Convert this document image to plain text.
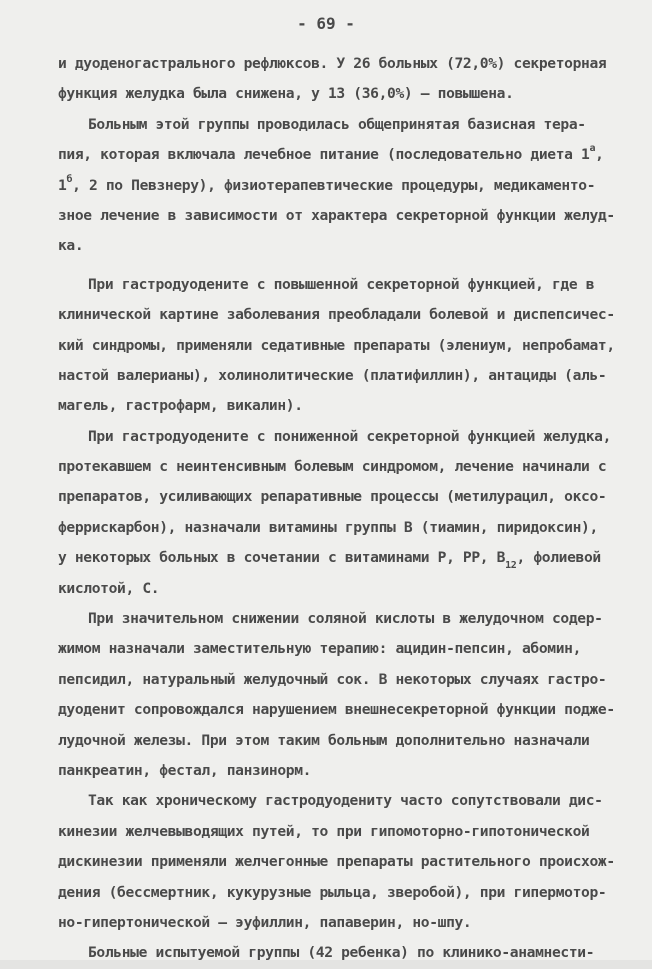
- 69 -
и дуоденогастрального рефлюксов. У 26 больных (72,0%) секреторная
функция желудка была снижена, у 13 (36,0%) – повышена.
Больным этой группы проводилась общепринятая базисная тера-
пия, которая включала лечебное питание (последовательно диета $1^а$,
$1^б$, 2 по Певзнеру), физиотерапевтические процедуры, медикаменто-
зное лечение в зависимости от характера секреторной функции желуд-
ка.
При гастродуодените с повышенной секреторной функцией, где в
клинической картине заболевания преобладали болевой и диспепсичес-
кий синдромы, применяли седативные препараты (элениум, непробамат,
настой валерианы), холинолитические (платифиллин), антациды (аль-
магель, гастрофарм, викалин).
При гастродуодените с пониженной секреторной функцией желудка,
протекавшем с неинтенсивным болевым синдромом, лечение начинали с
препаратов, усиливающих репаративные процессы (метилурацил, оксо-
феррискарбон), назначали витамины группы В (тиамин, пиридоксин),
у некоторых больных в сочетании с витаминами Р, РР, $В_{12}$, фолиевой
кислотой, С.
При значительном снижении соляной кислоты в желудочном содер-
жимом назначали заместительную терапию: ацидин-пепсин, абомин,
пепсидил, натуральный желудочный сок. В некоторых случаях гастро-
дуоденит сопровождался нарушением внешнесекреторной функции подже-
лудочной железы. При этом таким больным дополнительно назначали
панкреатин, фестал, панзинорм.
Так как хроническому гастродуодениту часто сопутствовали дис-
кинезии желчевыводящих путей, то при гипомоторно-гипотонической
дискинезии применяли желчегонные препараты растительного происхож-
дения (бессмертник, кукурузные рыльца, зверобой), при гипермотор-
но-гипертонической – эуфиллин, папаверин, но-шпу.
Больные испытуемой группы (42 ребенка) по клинико-анамнести-
